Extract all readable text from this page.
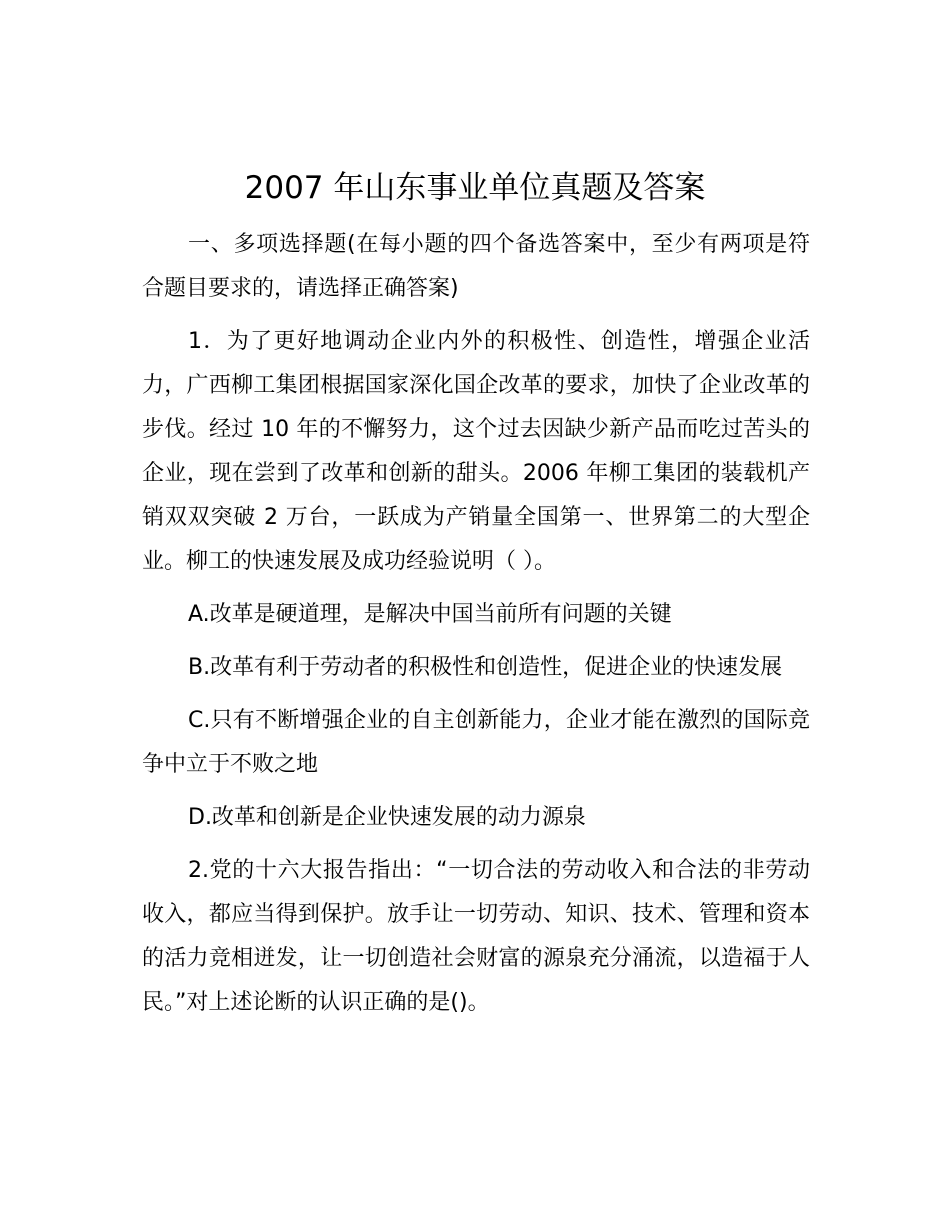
2007 年山东事业单位真题及答案

一、多项选择题(在每小题的四个备选答案中，至少有两项是符合题目要求的，请选择正确答案)

1．为了更好地调动企业内外的积极性、创造性，增强企业活力，广西柳工集团根据国家深化国企改革的要求，加快了企业改革的步伐。经过 10 年的不懈努力，这个过去因缺少新产品而吃过苦头的企业，现在尝到了改革和创新的甜头。2006 年柳工集团的装载机产销双双突破 2 万台，一跃成为产销量全国第一、世界第二的大型企业。柳工的快速发展及成功经验说明（ ）。

A.改革是硬道理，是解决中国当前所有问题的关键

B.改革有利于劳动者的积极性和创造性，促进企业的快速发展

C.只有不断增强企业的自主创新能力，企业才能在激烈的国际竞争中立于不败之地

D.改革和创新是企业快速发展的动力源泉

2.党的十六大报告指出：“一切合法的劳动收入和合法的非劳动收入，都应当得到保护。放手让一切劳动、知识、技术、管理和资本的活力竞相迸发，让一切创造社会财富的源泉充分涌流，以造福于人民。”对上述论断的认识正确的是()。
